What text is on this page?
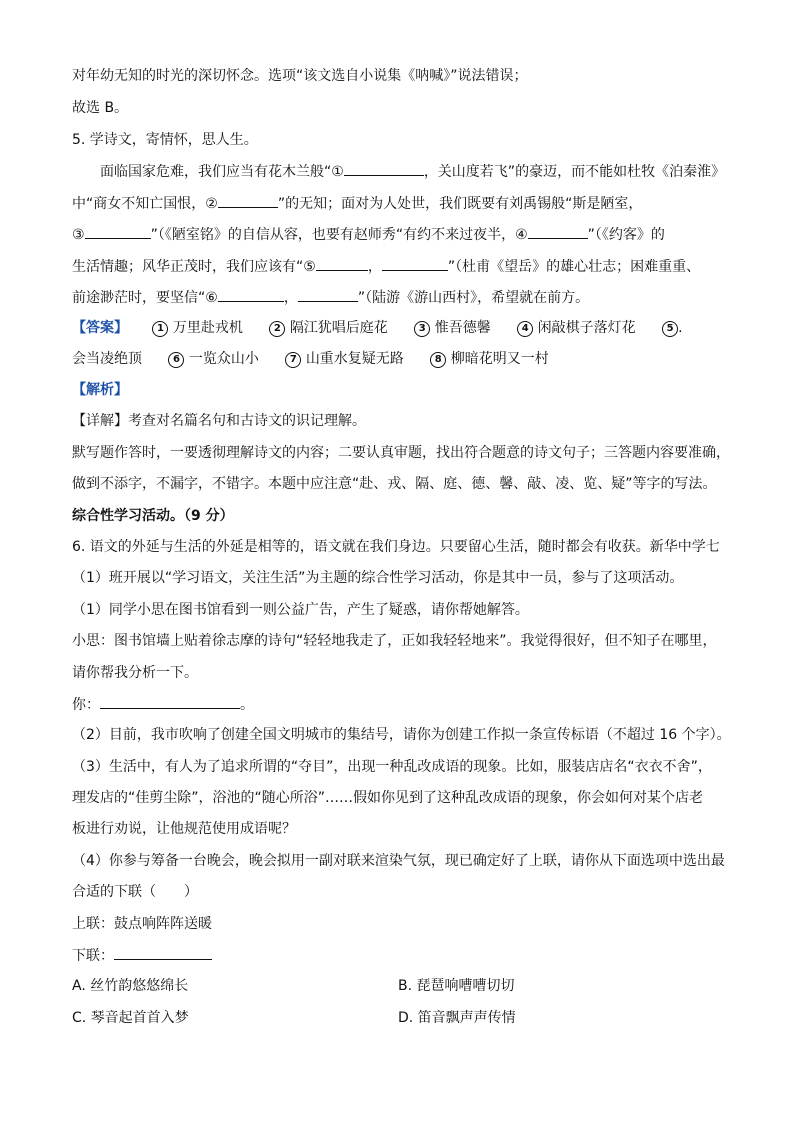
对年幼无知的时光的深切怀念。选项“该文选自小说集《呐喊》”说法错误；
故选 B。
5. 学诗文，寄情怀，思人生。
面临国家危难，我们应当有花木兰般“①	，关山度若飞”的豪迈，而不能如杜牧《泊秦淮》
中“商女不知亡国恨，②	”的无知；面对为人处世，我们既要有刘禹锡般“斯是陋室，
③	”（《陋室铭》的自信从容，也要有赵师秀“有约不来过夜半，④	”（《约客》的
生活情趣；风华正茂时，我们应该有“⑤	，	”（杜甫《望岳》的雄心壮志；困难重重、
前途渺茫时，要坚信“⑥	，	”（陆游《游山西村》，希望就在前方。
【答案】	1 万里赴戎机	2 隔江犹唱后庭花	3 惟吾德馨	4 闲敲棋子落灯花	5 .
会当凌绝顶	6 一览众山小	7 山重水复疑无路	8 柳暗花明又一村
【解析】
【详解】考查对名篇名句和古诗文的识记理解。
默写题作答时，一要透彻理解诗文的内容；二要认真审题，找出符合题意的诗文句子；三答题内容要准确，
做到不添字，不漏字，不错字。本题中应注意“赴、戎、隔、庭、德、馨、敲、凌、览、疑”等字的写法。
综合性学习活动。（9 分）
6. 语文的外延与生活的外延是相等的，语文就在我们身边。只要留心生活，随时都会有收获。新华中学七
（1）班开展以“学习语文，关注生活”为主题的综合性学习活动，你是其中一员，参与了这项活动。
（1）同学小思在图书馆看到一则公益广告，产生了疑惑，请你帮她解答。
小思：图书馆墙上贴着徐志摩的诗句“轻轻地我走了，正如我轻轻地来”。我觉得很好，但不知子在哪里，
请你帮我分析一下。
你：	。
（2）目前，我市吹响了创建全国文明城市的集结号，请你为创建工作拟一条宣传标语（不超过 16 个字）。
（3）生活中，有人为了追求所谓的“夺目”，出现一种乱改成语的现象。比如，服装店店名“衣衣不舍”，
理发店的“佳剪尘除”，浴池的“随心所浴”……假如你见到了这种乱改成语的现象，你会如何对某个店老
板进行劝说，让他规范使用成语呢？
（4）你参与筹备一台晚会，晚会拟用一副对联来渲染气氛，现已确定好了上联，请你从下面选项中选出最
合适的下联（　　）
上联：鼓点响阵阵送暖
下联：
A. 丝竹韵悠悠绵长	B. 琵琶响嘈嘈切切
C. 琴音起首首入梦	D. 笛音飘声声传情
